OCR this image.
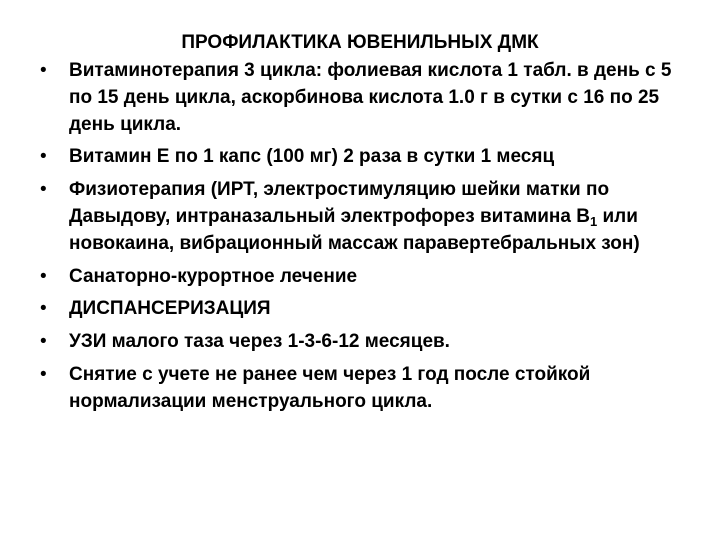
ПРОФИЛАКТИКА ЮВЕНИЛЬНЫХ ДМК
• Витаминотерапия 3 цикла: фолиевая кислота 1 табл. в день с 5 по 15 день цикла, аскорбинова кислота 1.0 г в сутки с 16 по 25 день цикла.
• Витамин Е по 1 капс (100 мг) 2 раза в сутки 1 месяц
• Физиотерапия (ИРТ, электростимуляцию шейки матки по Давыдову, интраназальный электрофорез витамина $В_1$ или новокаина, вибрационный массаж паравертебральных зон)
• Санаторно-курортное лечение
• ДИСПАНСЕРИЗАЦИЯ
• УЗИ малого таза через 1-3-6-12 месяцев.
• Снятие с учете не ранее чем через 1 год после стойкой нормализации менструального цикла.
